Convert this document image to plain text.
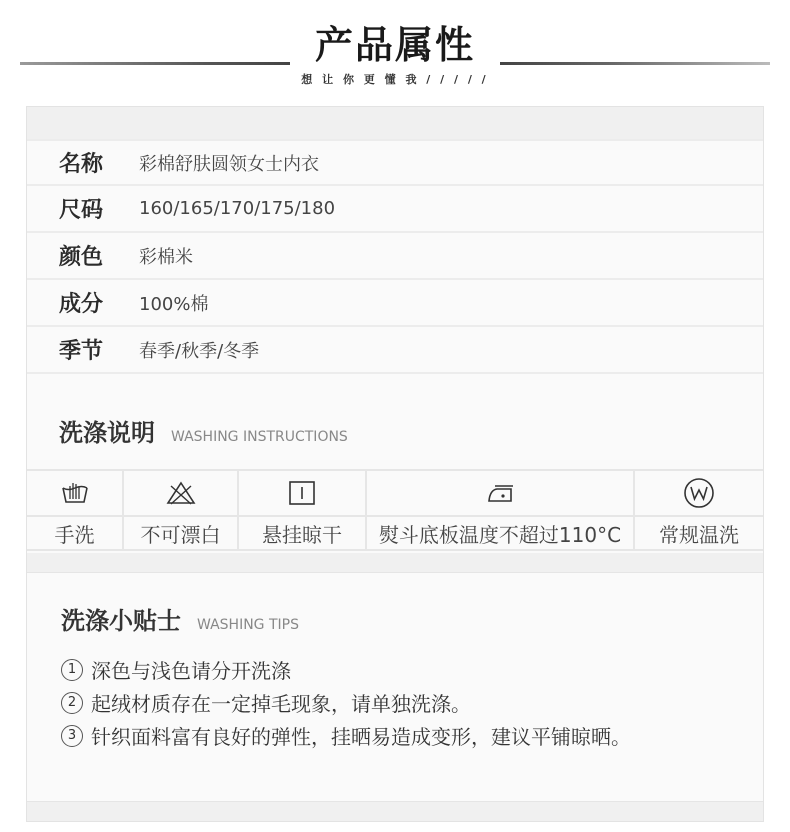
产品属性
想 让 你 更 懂 我 / / / / /
名称	彩棉舒肤圆领女士内衣
尺码	160/165/170/175/180
颜色	彩棉米
成分	100%棉
季节	春季/秋季/冬季
洗涤说明 WASHING INSTRUCTIONS
手洗 不可漂白 悬挂晾干 熨斗底板温度不超过110°C 常规温洗
洗涤小贴士 WASHING TIPS
1 深色与浅色请分开洗涤
2 起绒材质存在一定掉毛现象，请单独洗涤。
3 针织面料富有良好的弹性，挂晒易造成变形，建议平铺晾晒。
